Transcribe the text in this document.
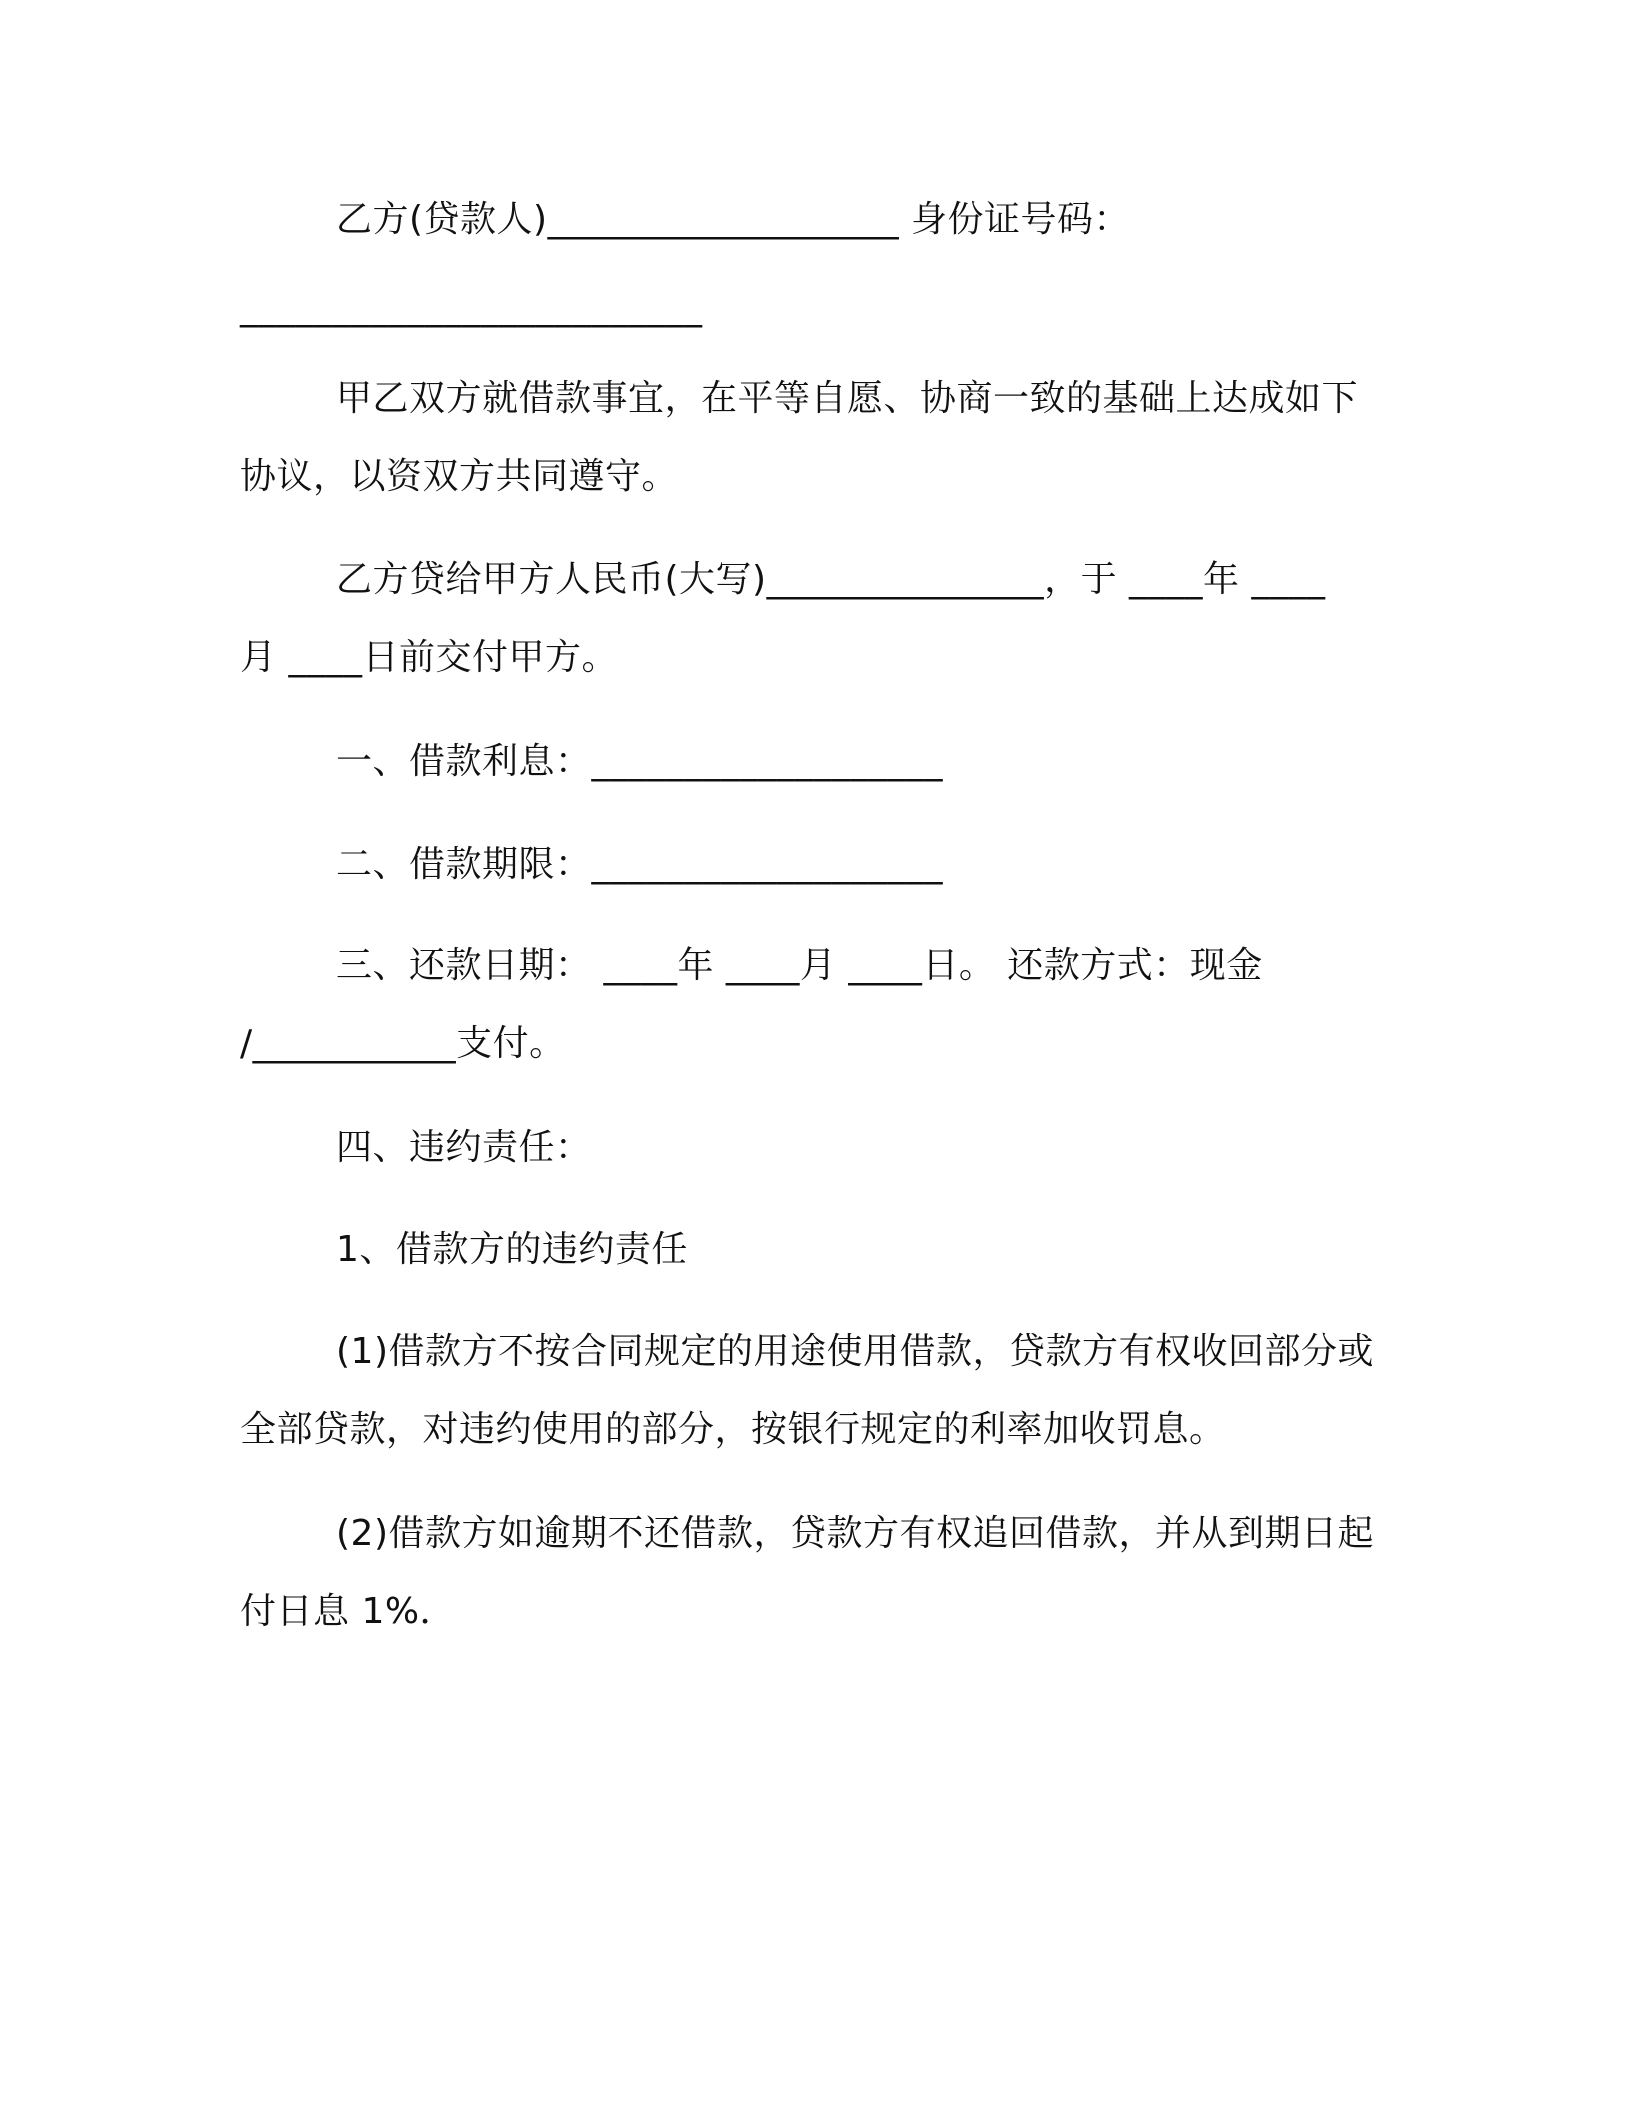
乙方(贷款人)___________________ 身份证号码：
_________________________
甲乙双方就借款事宜，在平等自愿、协商一致的基础上达成如下
协议，以资双方共同遵守。
乙方贷给甲方人民币(大写)_______________，于 ____年 ____
月 ____日前交付甲方。
一、借款利息：___________________
二、借款期限：___________________
三、还款日期： ____年 ____月 ____日。 还款方式：现金
/___________支付。
四、违约责任：
1、借款方的违约责任
(1)借款方不按合同规定的用途使用借款，贷款方有权收回部分或
全部贷款，对违约使用的部分，按银行规定的利率加收罚息。
(2)借款方如逾期不还借款，贷款方有权追回借款，并从到期日起
付日息 1%．
